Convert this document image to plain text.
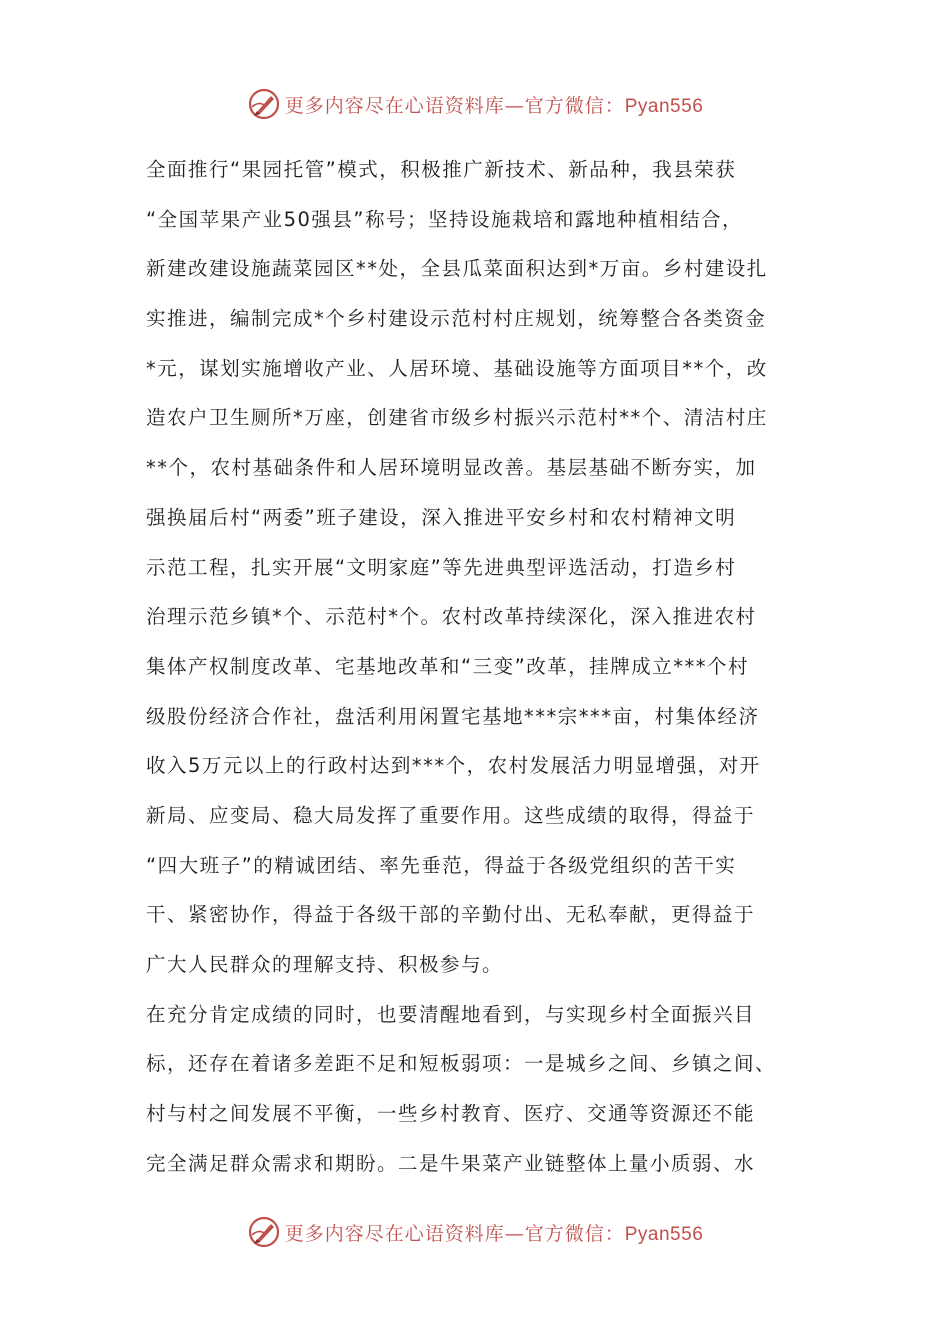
更多内容尽在心语资料库—官方微信：Pyan556
全面推行“果园托管”模式，积极推广新技术、新品种，我县荣获
“全国苹果产业50强县”称号；坚持设施栽培和露地种植相结合，
新建改建设施蔬菜园区**处，全县瓜菜面积达到*万亩。乡村建设扎
实推进，编制完成*个乡村建设示范村村庄规划，统筹整合各类资金
*元，谋划实施增收产业、人居环境、基础设施等方面项目**个，改
造农户卫生厕所*万座，创建省市级乡村振兴示范村**个、清洁村庄
**个，农村基础条件和人居环境明显改善。基层基础不断夯实，加
强换届后村“两委”班子建设，深入推进平安乡村和农村精神文明
示范工程，扎实开展“文明家庭”等先进典型评选活动，打造乡村
治理示范乡镇*个、示范村*个。农村改革持续深化，深入推进农村
集体产权制度改革、宅基地改革和“三变”改革，挂牌成立***个村
级股份经济合作社，盘活利用闲置宅基地***宗***亩，村集体经济
收入5万元以上的行政村达到***个，农村发展活力明显增强，对开
新局、应变局、稳大局发挥了重要作用。这些成绩的取得，得益于
“四大班子”的精诚团结、率先垂范，得益于各级党组织的苦干实
干、紧密协作，得益于各级干部的辛勤付出、无私奉献，更得益于
广大人民群众的理解支持、积极参与。
在充分肯定成绩的同时，也要清醒地看到，与实现乡村全面振兴目
标，还存在着诸多差距不足和短板弱项：一是城乡之间、乡镇之间、
村与村之间发展不平衡，一些乡村教育、医疗、交通等资源还不能
完全满足群众需求和期盼。二是牛果菜产业链整体上量小质弱、水
更多内容尽在心语资料库—官方微信：Pyan556
